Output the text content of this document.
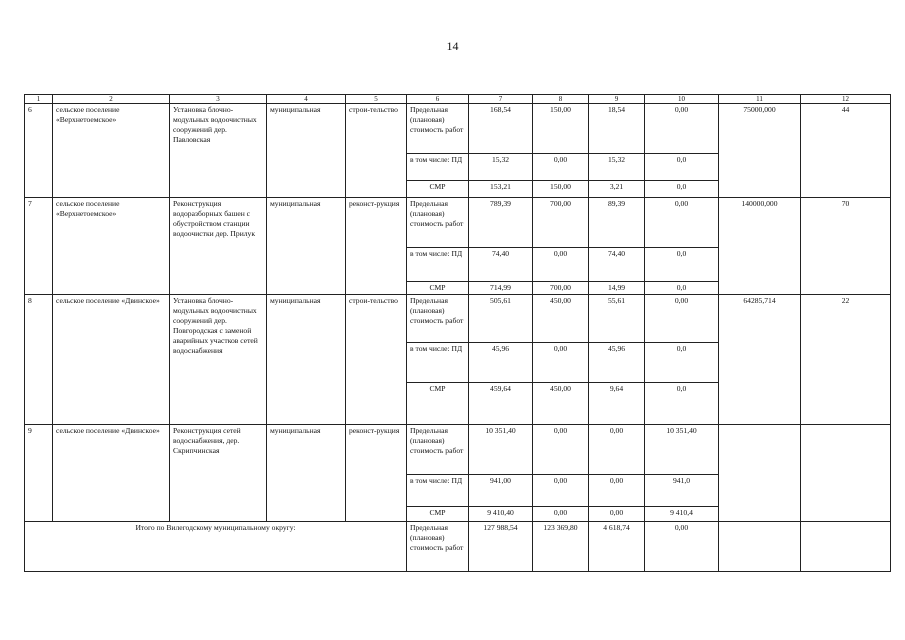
14
1	2	3	4	5	6	7	8	9	10	11	12
6	сельское поселение «Верхнетоемское»	Установка блочно-модульных водоочистных сооружений дер. Павловская	муниципальная	строи-тельство	Предельная (плановая) стоимость работ	168,54	150,00	18,54	0,00	75000,000	44
					в том числе: ПД	15,32	0,00	15,32	0,0		
					СМР	153,21	150,00	3,21	0,0		
7	сельское поселение «Верхнетоемское»	Реконструкция водоразборных башен с обустройством станции водоочистки дер. Прилук	муниципальная	реконст-рукция	Предельная (плановая) стоимость работ	789,39	700,00	89,39	0,00	140000,000	70
					в том числе: ПД	74,40	0,00	74,40	0,0		
					СМР	714,99	700,00	14,99	0,0		
8	сельское поселение «Двинское»	Установка блочно-модульных водоочистных сооружений дер. Повгородская с заменой аварийных участков сетей водоснабжения	муниципальная	строи-тельство	Предельная (плановая) стоимость работ	505,61	450,00	55,61	0,00	64285,714	22
					в том числе: ПД	45,96	0,00	45,96	0,0		
					СМР	459,64	450,00	9,64	0,0		
9	сельское поселение «Двинское»	Реконструкция сетей водоснабжения, дер. Скрипчинская	муниципальная	реконст-рукция	Предельная (плановая) стоимость работ	10 351,40	0,00	0,00	10 351,40		
					в том числе: ПД	941,00	0,00	0,00	941,0		
					СМР	9 410,40	0,00	0,00	9 410,4		
Итого по Вилегодскому муниципальному округу:					Предельная (плановая) стоимость работ	127 988,54	123 369,80	4 618,74	0,00		
